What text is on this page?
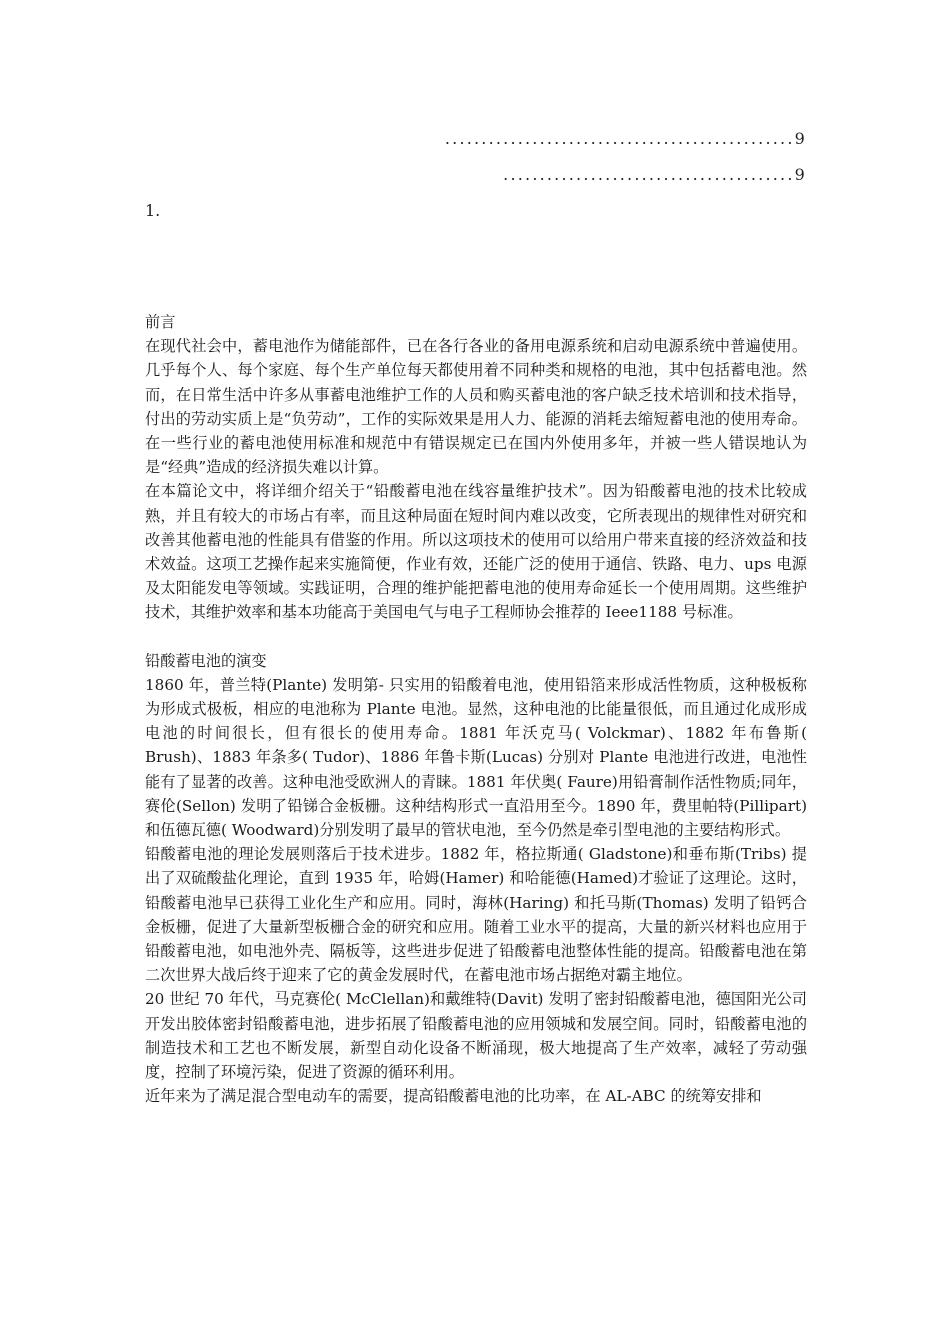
................................................9
........................................9
1.

前言

在现代社会中，蓄电池作为储能部件，已在各行各业的备用电源系统和启动电源系统中普遍使用。几乎每个人、每个家庭、每个生产单位每天都使用着不同种类和规格的电池，其中包括蓄电池。然而，在日常生活中许多从事蓄电池维护工作的人员和购买蓄电池的客户缺乏技术培训和技术指导，付出的劳动实质上是“负劳动”，工作的实际效果是用人力、能源的消耗去缩短蓄电池的使用寿命。在一些行业的蓄电池使用标准和规范中有错误规定已在国内外使用多年，并被一些人错误地认为是“经典”造成的经济损失难以计算。

在本篇论文中，将详细介绍关于“铅酸蓄电池在线容量维护技术”。因为铅酸蓄电池的技术比较成熟，并且有较大的市场占有率，而且这种局面在短时间内难以改变，它所表现出的规律性对研究和改善其他蓄电池的性能具有借鉴的作用。所以这项技术的使用可以给用户带来直接的经济效益和技术效益。这项工艺操作起来实施简便，作业有效，还能广泛的使用于通信、铁路、电力、ups 电源及太阳能发电等领域。实践证明，合理的维护能把蓄电池的使用寿命延长一个使用周期。这些维护技术，其维护效率和基本功能高于美国电气与电子工程师协会推荐的 Ieee1188 号标准。

铅酸蓄电池的演变

1860 年，普兰特(Plante) 发明第- 只实用的铅酸着电池，使用铅箔来形成活性物质，这种极板称为形成式极板，相应的电池称为 Plante 电池。显然，这种电池的比能量很低，而且通过化成形成电池的时间很长，但有很长的使用寿命。1881 年沃克马( Volckmar)、1882 年布鲁斯( Brush)、1883 年条多( Tudor)、1886 年鲁卡斯(Lucas) 分别对 Plante 电池进行改进，电池性能有了显著的改善。这种电池受欧洲人的青睐。1881 年伏奥( Faure)用铅膏制作活性物质;同年，赛伦(Sellon) 发明了铅锑合金板栅。这种结构形式一直沿用至今。1890 年，费里帕特(Pillipart) 和伍德瓦德( Woodward)分别发明了最早的管状电池，至今仍然是牵引型电池的主要结构形式。

铅酸蓄电池的理论发展则落后于技术进步。1882 年，格拉斯通( Gladstone)和垂布斯(Tribs) 提出了双硫酸盐化理论，直到 1935 年，哈姆(Hamer) 和哈能德(Hamed)才验证了这理论。这时，铅酸蓄电池早已获得工业化生产和应用。同时，海林(Haring) 和托马斯(Thomas) 发明了铅钙合金板栅，促进了大量新型板栅合金的研究和应用。随着工业水平的提高，大量的新兴材料也应用于铅酸蓄电池，如电池外壳、隔板等，这些进步促进了铅酸蓄电池整体性能的提高。铅酸蓄电池在第二次世界大战后终于迎来了它的黄金发展时代，在蓄电池市场占据绝对霸主地位。

20 世纪 70 年代，马克赛伦( McClellan)和戴维特(Davit) 发明了密封铅酸蓄电池，德国阳光公司开发出胶体密封铅酸蓄电池，进步拓展了铅酸蓄电池的应用领城和发展空间。同时，铅酸蓄电池的制造技术和工艺也不断发展，新型自动化设备不断涌现，极大地提高了生产效率，减轻了劳动强度，控制了环境污染，促进了资源的循环利用。

近年来为了满足混合型电动车的需要，提高铅酸蓄电池的比功率，在 AL-ABC 的统筹安排和
